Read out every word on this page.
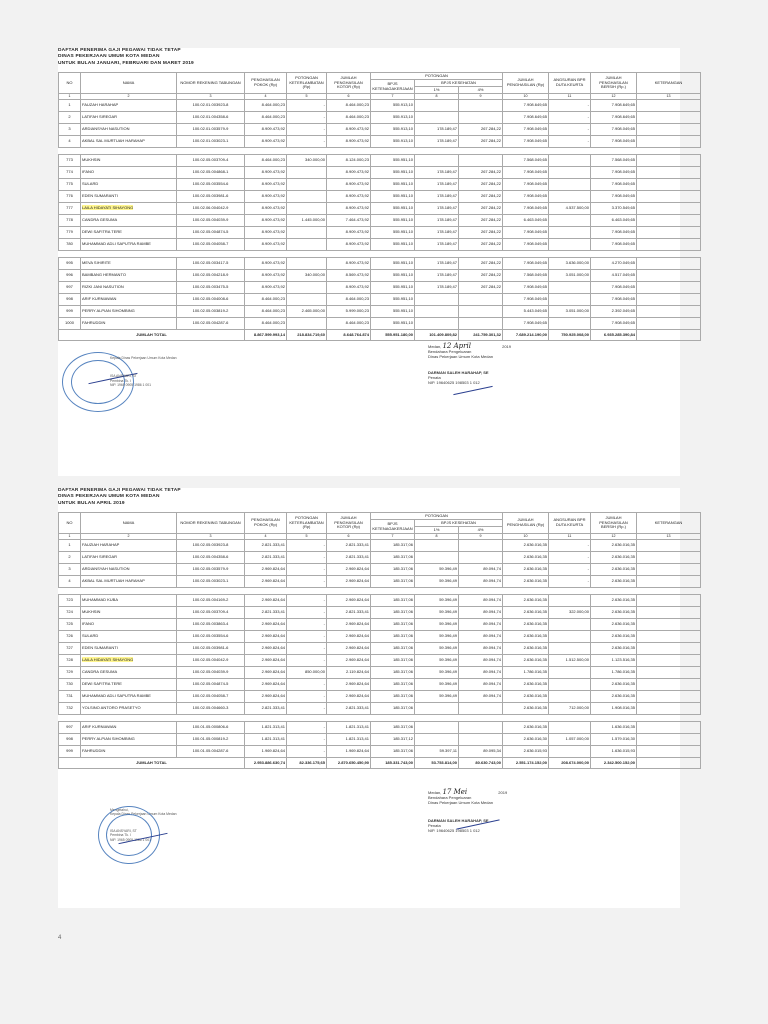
DAFTAR PENERIMA GAJI PEGAWAI TIDAK TETAP
DINAS PEKERJAAN UMUM KOTA MEDAN
UNTUK BULAN JANUARI, FEBRUARI DAN MARET 2019
NO	NAMA	NOMOR REKENING TABUNGAN	PENGHASILAN POKOK (Rp)	POTONGAN KETERLAMBATAN (Rp)	JUMLAH PENGHASILAN KOTOR (Rp)	POTONGAN			JUMLAH PENGHASILAN (Rp)	ANGSURAN BPR DUTA KEURTA	JUMLAH PENGHASILAN BERSIH (Rp.)	KETERANGAN	
						BPJS KETENAGAKERJAAN	BPJS KESEHATAN						
							1%	4%					
1	2	3	4	5	6	7	8	9	10	11	12	13	
1	FAUZAH HARAHAP	100.02.01.003923-8	8.464.000,23	-	8.464.000,23	555.913,10			7.908.649,65	-	7.908.649,65		
2	LATIFAH SIREGAR	100.02.01.004358-6	8.464.000,23	-	8.464.000,23	555.913,10			7.908.649,65	-	7.908.649,65		
3	ARDIANSYAH NASUTION	100.02.01.003579-9	8.909.473,92	-	8.909.473,92	555.913,10	178.189,47	267.284,22	7.908.049,65	-	7.908.049,65		
4	AKBAL SAL MURTUAH HARAHAP	100.02.01.003023-1	8.909.473,92	-	8.909.473,92	555.913,10	178.189,47	267.284,22	7.908.049,65	-	7.908.049,65		

773	MUKHSIN	100.02.05.003709-4	8.464.000,23	340.000,00	8.124.000,23	555.951,10			7.568.049,65		7.568.049,65		
774	IFANO	100.02.05.004868-1	8.909.473,92		8.909.473,92	555.951,10	178.189,47	267.284,22	7.908.049,65		7.908.049,65		
775	SULARD	100.02.05.003554-6	8.909.473,92		8.909.473,92	555.951,10	178.189,47	267.284,22	7.908.049,65		7.908.049,65		
776	EDEN SUMARANTI	100.02.05.003981-6	8.909.473,92		8.909.473,92	555.951,10	178.189,47	267.284,22	7.908.049,65		7.908.049,65		
777	LAILA HIDAYATI SIHAYONG	100.02.06.004042-9	8.909.473,92		8.909.473,92	555.951,10	178.189,47	267.284,22	7.908.049,65	4.537.500,00	3.370.549,65		
778	CANDRA GESUMA	100.02.05.004039-9	8.909.473,92	1.445.000,00	7.464.473,92	555.951,10	178.189,47	267.284,22	6.463.049,65		6.463.049,65		
779	DEWI SAFITRA TERE	100.02.05.004874-5	8.909.473,92		8.909.473,92	555.951,10	178.189,47	267.284,22	7.908.049,65		7.908.049,65		
780	MUHAMMAD ADLI SAPUTRA RAMBE	100.02.05.004058-7	8.909.473,92		8.909.473,92	555.951,10	178.189,47	267.284,22	7.908.049,65		7.908.049,65		

995	MEVA SIHIRITE	100.02.05.003417-5	8.909.473,92		8.909.473,92	555.951,10	178.189,47	267.284,22	7.908.049,65	3.636.000,00	4.270.049,65		
996	BAMBANG HERMANTO	100.02.05.004218-9	8.909.473,92	340.000,00	8.569.473,92	555.951,10	178.189,47	267.284,22	7.568.049,65	3.051.000,00	4.517.049,65		
997	RIZKI JANI NASUTION	100.02.05.003475-5	8.909.473,92		8.909.473,92	555.951,10	178.189,47	267.284,22	7.908.049,65		7.908.049,65		
998	ARIF KURNIAWAN	100.02.05.004008-6	8.464.000,23		8.464.000,23	555.951,10			7.908.049,65		7.908.049,65		
999	PERRY ALPIAN SIHOMBING	100.02.05.003819-2	8.464.000,23	2.465.000,00	5.999.000,23	555.951,10			5.443.049,65	3.051.000,00	2.392.049,65		
1000	FAHRUDDIN	100.02.05.004287-6	8.464.000,23		8.464.000,23	555.951,10			7.908.049,65		7.908.049,65		
JUMLAH TOTAL			8.867.599.993,14	218.834.719,60	8.648.764.874	555.951.180,00	101.409.809,82	241.759.301,32	7.689.214.190,00	750.925.008,00	6.935.285.390,84		
Kepala Dinas Pekerjaan Umum Kota Medan
ISA ANSYARI, ST
Pembina Tk. I
NIP. 1965 0905 1986 1 001
Medan, 12 April	2019
Bendahara Pengeluaran
Dinas Pekerjaan Umum Kota Medan
DARMAN SALEH HARAHAP, SE
Penata
NIP. 19640625 198503 1 012
DAFTAR PENERIMA GAJI PEGAWAI TIDAK TETAP
DINAS PEKERJAAN UMUM KOTA MEDAN
UNTUK BULAN APRIL 2019
NO	NAMA	NOMOR REKENING TABUNGAN	PENGHASILAN POKOK (Rp)	POTONGAN KETERLAMBATAN (Rp)	JUMLAH PENGHASILAN KOTOR (Rp)	POTONGAN			JUMLAH PENGHASILAN (Rp)	ANGSURAN BPR DUTA KEURTA	JUMLAH PENGHASILAN BERSIH (Rp.)	KETERANGAN
						BPJS KETENAGAKERJAAN	BPJS KESEHATAN					
							1%	4%				
1	2	3	4	5	6	7	8	9	10	11	12	13
1	FAUZIAH HARAHAP	100.02.05.003923-8	2.821.333,41	-	2.821.333,41	185.317,06			2.636.016,35	-	2.636.016,35	
2	LATIFAH SIREGAR	100.02.05.004358-6	2.821.333,41	-	2.821.333,41	185.317,06			2.636.016,35	-	2.636.016,35	
3	ARDIANSYAH NASUTION	100.02.05.003579-9	2.969.824,64	-	2.969.824,64	185.317,06	59.396,49	89.094,74	2.636.016,35	-	2.636.016,35	
4	AKBAL SAL MURTUAH HARAHAP	100.02.05.003023-1	2.969.824,64	-	2.969.824,64	185.317,06	59.396,49	89.094,74	2.636.016,35	-	2.636.016,35	

723	MUHAMMAD KUBA	100.02.05.004169-2	2.969.824,64	-	2.969.824,64	185.317,06	59.396,49	89.094,74	2.636.016,35		2.636.016,35	
724	MUKHSIN	100.02.05.003709-4	2.821.333,41	-	2.821.333,41	185.317,06	59.396,49	89.094,74	2.636.016,35	322.000,00	2.636.016,35	
725	IFANO	100.02.05.003863-4	2.969.824,64	-	2.969.824,64	185.317,06	59.396,49	89.094,74	2.636.016,35		2.636.016,35	
726	SULARD	100.02.05.003554-6	2.969.824,64	-	2.969.824,64	185.317,06	59.396,49	89.094,74	2.636.016,35		2.636.016,35	
727	EDEN SUMARANTI	100.02.05.003981-6	2.969.824,64	-	2.969.824,64	185.317,06	59.396,49	89.094,74	2.636.016,35		2.636.016,35	
728	LAILA HIDAYATI SIHAYONG	100.02.05.004042-9	2.969.824,64	-	2.969.824,64	185.317,06	59.396,49	89.094,74	2.636.016,35	1.512.500,00	1.123.516,35	
729	CANDRA GESUMA	100.02.05.004039-9	2.969.824,64	850.000,00	2.119.824,64	185.317,06	59.396,49	89.094,74	1.786.016,35		1.786.016,35	
730	DEWI SAFITRA TERE	100.02.05.004874-5	2.969.824,64	-	2.969.824,64	185.317,06	59.396,49	89.094,74	2.636.016,35		2.636.016,35	
731	MUHAMMAD ADLI SAPUTRA RAMBE	100.02.05.004058-7	2.969.824,64	-	2.969.824,64	185.317,06	59.396,49	89.094,74	2.636.016,35		2.636.016,35	
732	YOLSINO ANTORO PRASETYO	100.02.05.004660-3	2.821.333,41	-	2.821.333,41	185.317,06			2.636.016,35	712.000,00	1.908.016,35	

997	ARIF KURNIAWAN	100.01.05.000806-6	1.821.313,41	-	1.821.313,41	185.317,06			2.636.016,35		1.636.016,35	
998	PERRY ALPIAN SIHOMBING	100.01.05.000819-2	1.821.313,41	-	1.821.313,41	185.317,12			2.636.016,30	1.057.000,00	1.579.016,30	
999	FAHRUDDIN	100.01.05.004287-6	1.969.824,64	-	1.969.824,64	185.317,06	59.397,11	89.095,34	2.636.015,93		1.636.015,93	
JUMLAH TOTAL			2.953.886.630,74	82.336.175,65	2.870.650.450,90	185.331.743,00	53.753.814,00	80.630.743,00	2.551.174.152,00	208.674.000,00	2.342.500.152,00	
Mengetahui,
Kepala Dinas Pekerjaan Umum Kota Medan
ISA ANSYARI, ST
Pembina Tk. I
NIP. 1965 0905 1986 1 001
Medan, 17 Mei	2019
Bendahara Pengeluaran
Dinas Pekerjaan Umum Kota Medan
DARMAN SALEH HARAHAP, SE
Penata
NIP. 19640625 198503 1 012
4
